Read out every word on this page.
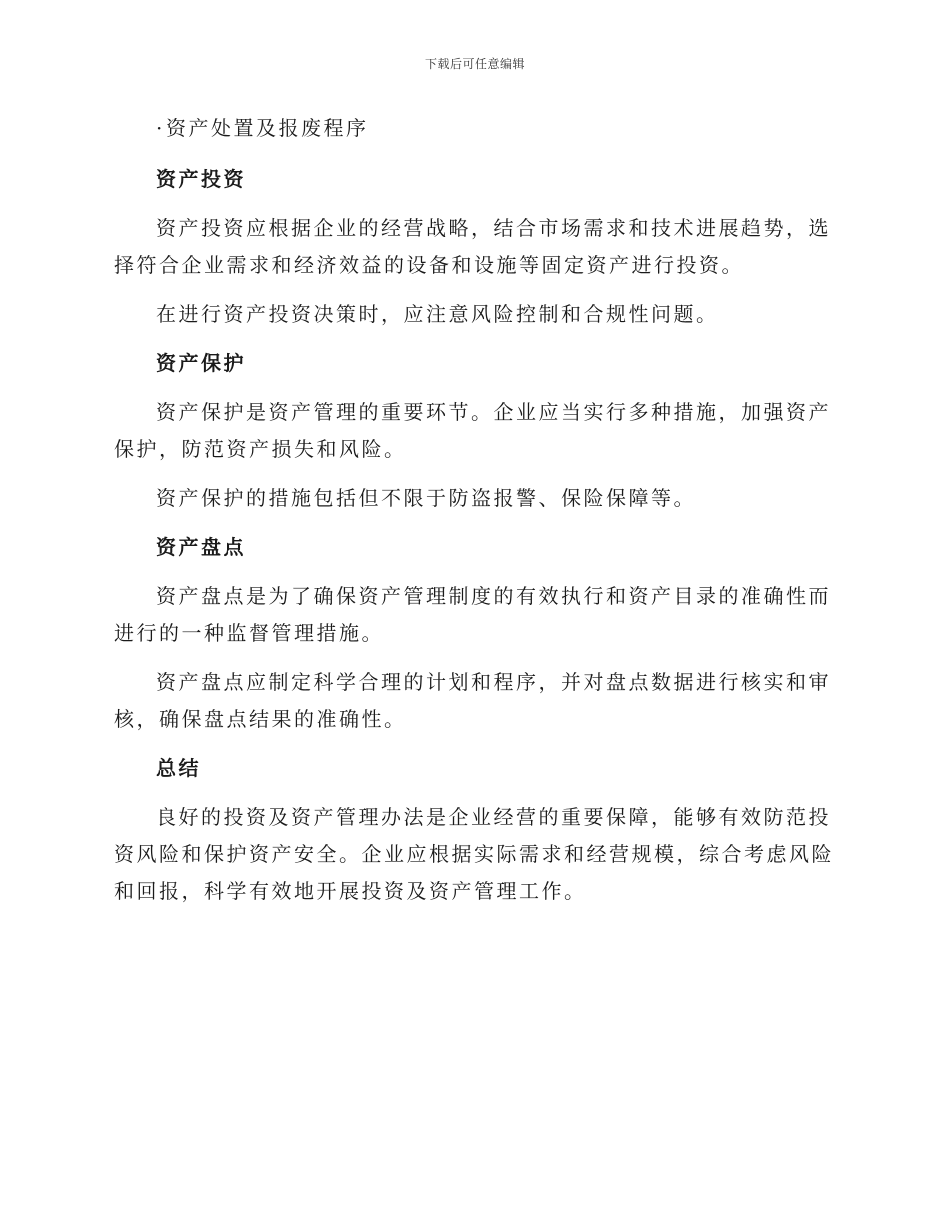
下载后可任意编辑

·资产处置及报废程序

资产投资

资产投资应根据企业的经营战略，结合市场需求和技术进展趋势，选择符合企业需求和经济效益的设备和设施等固定资产进行投资。

在进行资产投资决策时，应注意风险控制和合规性问题。

资产保护

资产保护是资产管理的重要环节。企业应当实行多种措施，加强资产保护，防范资产损失和风险。

资产保护的措施包括但不限于防盗报警、保险保障等。

资产盘点

资产盘点是为了确保资产管理制度的有效执行和资产目录的准确性而进行的一种监督管理措施。

资产盘点应制定科学合理的计划和程序，并对盘点数据进行核实和审核，确保盘点结果的准确性。

总结

良好的投资及资产管理办法是企业经营的重要保障，能够有效防范投资风险和保护资产安全。企业应根据实际需求和经营规模，综合考虑风险和回报，科学有效地开展投资及资产管理工作。
